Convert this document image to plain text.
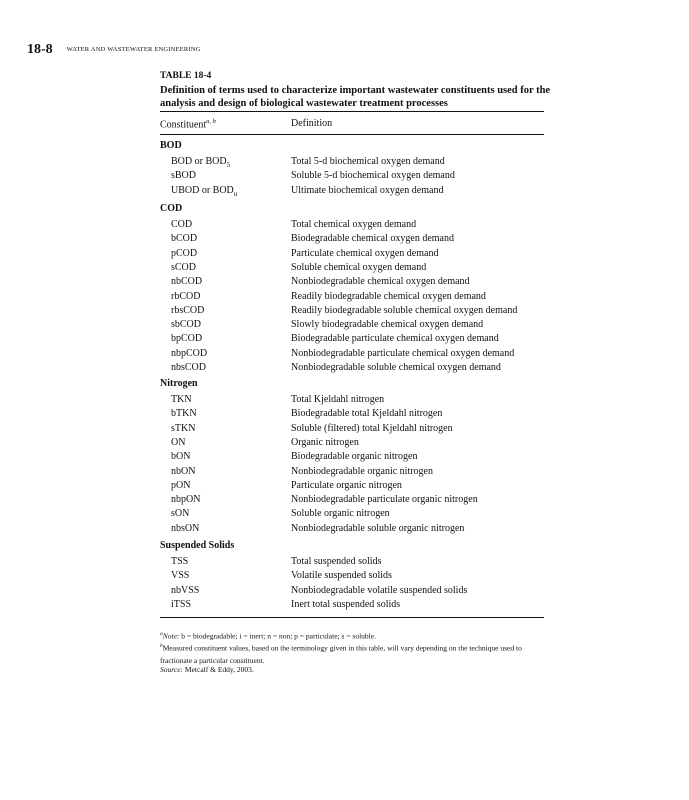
18-8 WATER AND WASTEWATER ENGINEERING
TABLE 18-4
Definition of terms used to characterize important wastewater constituents used for the analysis and design of biological wastewater treatment processes
Constituent$^{a, b}$	Definition
BOD
BOD or $BOD_5$	Total 5-d biochemical oxygen demand
sBOD	Soluble 5-d biochemical oxygen demand
UBOD or $BOD_u$	Ultimate biochemical oxygen demand
COD
COD	Total chemical oxygen demand
bCOD	Biodegradable chemical oxygen demand
pCOD	Particulate chemical oxygen demand
sCOD	Soluble chemical oxygen demand
nbCOD	Nonbiodegradable chemical oxygen demand
rbCOD	Readily biodegradable chemical oxygen demand
rbsCOD	Readily biodegradable soluble chemical oxygen demand
sbCOD	Slowly biodegradable chemical oxygen demand
bpCOD	Biodegradable particulate chemical oxygen demand
nbpCOD	Nonbiodegradable particulate chemical oxygen demand
nbsCOD	Nonbiodegradable soluble chemical oxygen demand
Nitrogen
TKN	Total Kjeldahl nitrogen
bTKN	Biodegradable total Kjeldahl nitrogen
sTKN	Soluble (filtered) total Kjeldahl nitrogen
ON	Organic nitrogen
bON	Biodegradable organic nitrogen
nbON	Nonbiodegradable organic nitrogen
pON	Particulate organic nitrogen
nbpON	Nonbiodegradable particulate organic nitrogen
sON	Soluble organic nitrogen
nbsON	Nonbiodegradable soluble organic nitrogen
Suspended Solids
TSS	Total suspended solids
VSS	Volatile suspended solids
nbVSS	Nonbiodegradable volatile suspended solids
iTSS	Inert total suspended solids
$^a$Note: b = biodegradable; i = inert; n = non; p = particulate; s = soluble.
$^b$Measured constituent values, based on the terminology given in this table, will vary depending on the technique used to fractionate a particular constituent.
Source: Metcalf & Eddy, 2003.
